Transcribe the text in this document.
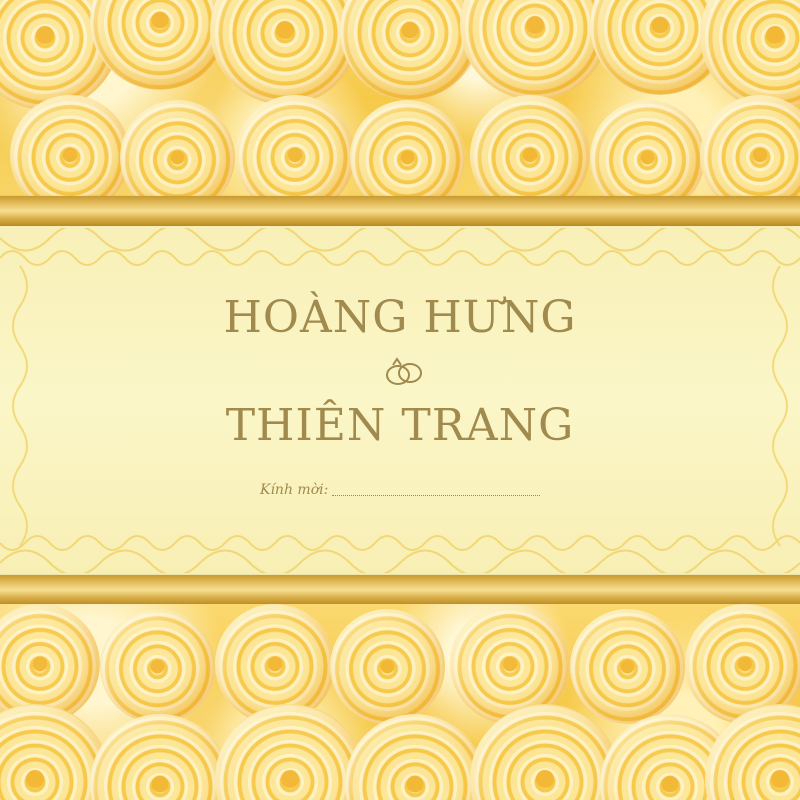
HOÀNG HƯNG
THIÊN TRANG
Kính mời:
